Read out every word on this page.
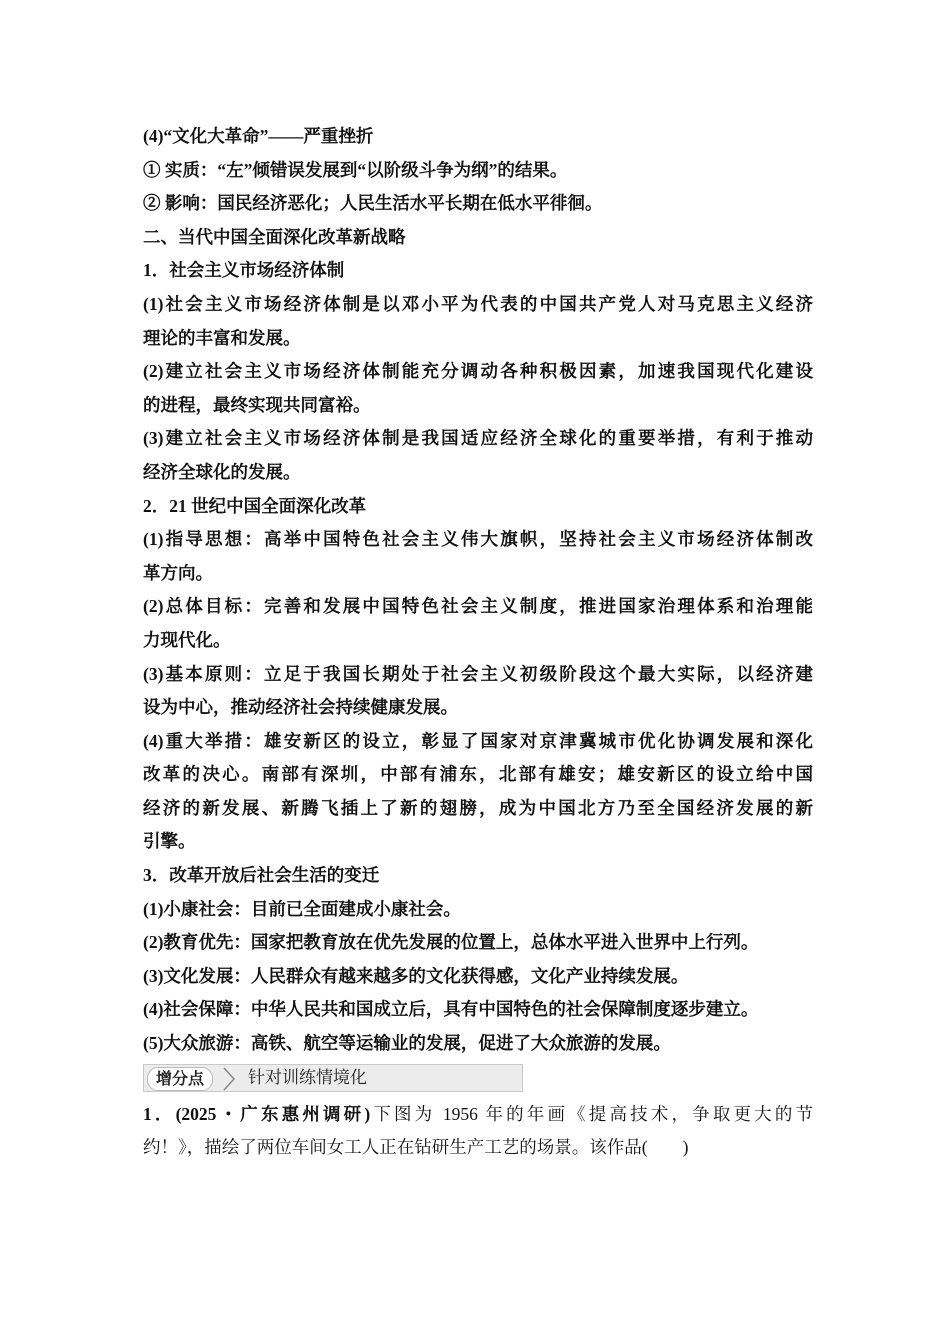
(4)“文化大革命”——严重挫折
① 实质：“左”倾错误发展到“以阶级斗争为纲”的结果。
② 影响：国民经济恶化；人民生活水平长期在低水平徘徊。
二、当代中国全面深化改革新战略
1．社会主义市场经济体制
(1)社会主义市场经济体制是以邓小平为代表的中国共产党人对马克思主义经济
理论的丰富和发展。
(2)建立社会主义市场经济体制能充分调动各种积极因素，加速我国现代化建设
的进程，最终实现共同富裕。
(3)建立社会主义市场经济体制是我国适应经济全球化的重要举措，有利于推动
经济全球化的发展。
2．21 世纪中国全面深化改革
(1)指导思想：高举中国特色社会主义伟大旗帜，坚持社会主义市场经济体制改
革方向。
(2)总体目标：完善和发展中国特色社会主义制度，推进国家治理体系和治理能
力现代化。
(3)基本原则：立足于我国长期处于社会主义初级阶段这个最大实际，以经济建
设为中心，推动经济社会持续健康发展。
(4)重大举措：雄安新区的设立，彰显了国家对京津冀城市优化协调发展和深化
改革的决心。南部有深圳，中部有浦东，北部有雄安；雄安新区的设立给中国
经济的新发展、新腾飞插上了新的翅膀，成为中国北方乃至全国经济发展的新
引擎。
3．改革开放后社会生活的变迁
(1)小康社会：目前已全面建成小康社会。
(2)教育优先：国家把教育放在优先发展的位置上，总体水平进入世界中上行列。
(3)文化发展：人民群众有越来越多的文化获得感，文化产业持续发展。
(4)社会保障：中华人民共和国成立后，具有中国特色的社会保障制度逐步建立。
(5)大众旅游：高铁、航空等运输业的发展，促进了大众旅游的发展。
增分点	针对训练情境化
1．(2025・广东惠州调研)下图为 1956 年的年画《提高技术，争取更大的节
约！》，描绘了两位车间女工人正在钻研生产工艺的场景。该作品(　　)
